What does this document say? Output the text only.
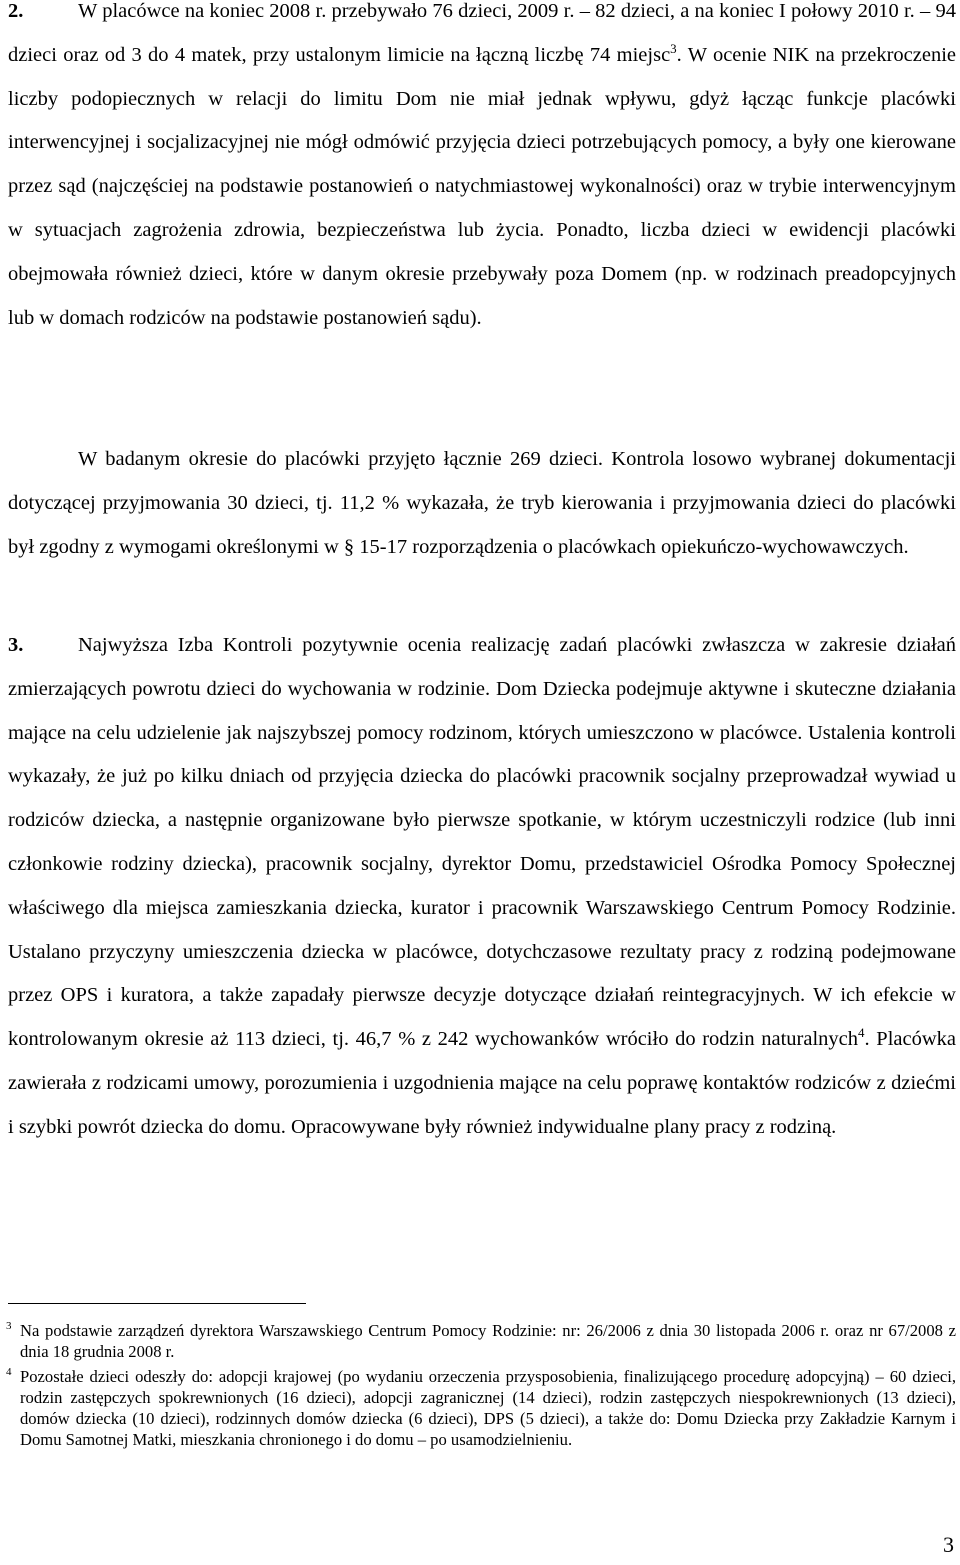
2.	W placówce na koniec 2008 r. przebywało 76 dzieci, 2009 r. – 82 dzieci, a na koniec I połowy 2010 r. – 94 dzieci oraz od 3 do 4 matek, przy ustalonym limicie na łączną liczbę 74 miejsc$^3$. W ocenie NIK na przekroczenie liczby podopiecznych w relacji do limitu Dom nie miał jednak wpływu, gdyż łącząc funkcje placówki interwencyjnej i socjalizacyjnej nie mógł odmówić przyjęcia dzieci potrzebujących pomocy, a były one kierowane przez sąd (najczęściej na podstawie postanowień o natychmiastowej wykonalności) oraz w trybie interwencyjnym w sytuacjach zagrożenia zdrowia, bezpieczeństwa lub życia. Ponadto, liczba dzieci w ewidencji placówki obejmowała również dzieci, które w danym okresie przebywały poza Domem (np. w rodzinach preadopcyjnych lub w domach rodziców na podstawie postanowień sądu).

W badanym okresie do placówki przyjęto łącznie 269 dzieci. Kontrola losowo wybranej dokumentacji dotyczącej przyjmowania 30 dzieci, tj. 11,2 % wykazała, że tryb kierowania i przyjmowania dzieci do placówki był zgodny z wymogami określonymi w § 15-17 rozporządzenia o placówkach opiekuńczo-wychowawczych.

3.	Najwyższa Izba Kontroli pozytywnie ocenia realizację zadań placówki zwłaszcza w zakresie działań zmierzających powrotu dzieci do wychowania w rodzinie. Dom Dziecka podejmuje aktywne i skuteczne działania mające na celu udzielenie jak najszybszej pomocy rodzinom, których umieszczono w placówce. Ustalenia kontroli wykazały, że już po kilku dniach od przyjęcia dziecka do placówki pracownik socjalny przeprowadzał wywiad u rodziców dziecka, a następnie organizowane było pierwsze spotkanie, w którym uczestniczyli rodzice (lub inni członkowie rodziny dziecka), pracownik socjalny, dyrektor Domu, przedstawiciel Ośrodka Pomocy Społecznej właściwego dla miejsca zamieszkania dziecka, kurator i pracownik Warszawskiego Centrum Pomocy Rodzinie. Ustalano przyczyny umieszczenia dziecka w placówce, dotychczasowe rezultaty pracy z rodziną podejmowane przez OPS i kuratora, a także zapadały pierwsze decyzje dotyczące działań reintegracyjnych. W ich efekcie w kontrolowanym okresie aż 113 dzieci, tj. 46,7 % z 242 wychowanków wróciło do rodzin naturalnych$^4$. Placówka zawierała z rodzicami umowy, porozumienia i uzgodnienia mające na celu poprawę kontaktów rodziców z dziećmi i szybki powrót dziecka do domu. Opracowywane były również indywidualne plany pracy z rodziną.

3 Na podstawie zarządzeń dyrektora Warszawskiego Centrum Pomocy Rodzinie: nr: 26/2006 z dnia 30 listopada 2006 r. oraz nr 67/2008 z dnia 18 grudnia 2008 r.
4 Pozostałe dzieci odeszły do: adopcji krajowej (po wydaniu orzeczenia przysposobienia, finalizującego procedurę adopcyjną) – 60 dzieci, rodzin zastępczych spokrewnionych (16 dzieci), adopcji zagranicznej (14 dzieci), rodzin zastępczych niespokrewnionych (13 dzieci), domów dziecka (10 dzieci), rodzinnych domów dziecka (6 dzieci), DPS (5 dzieci), a także do: Domu Dziecka przy Zakładzie Karnym i Domu Samotnej Matki, mieszkania chronionego i do domu – po usamodzielnieniu.
3
